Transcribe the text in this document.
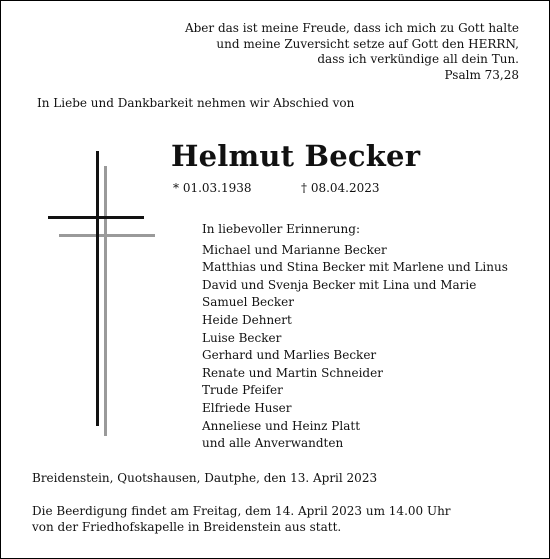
Aber das ist meine Freude, dass ich mich zu Gott halte
und meine Zuversicht setze auf Gott den HERRN,
dass ich verkündige all dein Tun.
Psalm 73,28
In Liebe und Dankbarkeit nehmen wir Abschied von
Helmut Becker
* 01.03.1938	† 08.04.2023
In liebevoller Erinnerung:
Michael und Marianne Becker
Matthias und Stina Becker mit Marlene und Linus
David und Svenja Becker mit Lina und Marie
Samuel Becker
Heide Dehnert
Luise Becker
Gerhard und Marlies Becker
Renate und Martin Schneider
Trude Pfeifer
Elfriede Huser
Anneliese und Heinz Platt
und alle Anverwandten
Breidenstein, Quotshausen, Dautphe, den 13. April 2023
Die Beerdigung findet am Freitag, dem 14. April 2023 um 14.00 Uhr
von der Friedhofskapelle in Breidenstein aus statt.
